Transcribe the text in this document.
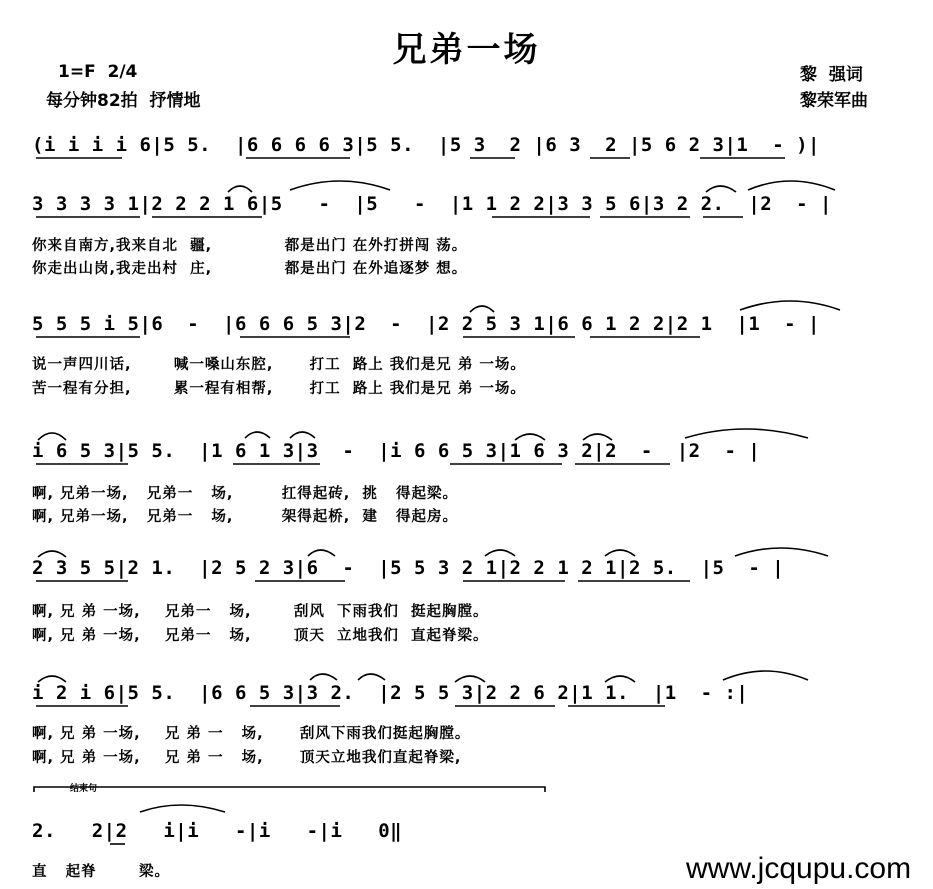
兄弟一场
1=F  2/4
每分钟82拍  抒情地
黎  强词
黎荣军曲
(i i i i 6|5 5.  |6 6 6 6 3|5 5.  |5 3  2 |6 3  2 |5 6 2 3|1  - )|
3 3 3 3 1|2 2 2 1 6|5   -  |5   -  |1 1 2 2|3 3 5 6|3 2 2.  |2  - |
你来自南方,我来自北  疆,            都是出门 在外打拼闯 荡。
你走出山岗,我走出村  庄,            都是出门 在外追逐梦 想。
5 5 5 i 5|6  -  |6 6 6 5 3|2  -  |2 2 5 3 1|6 6 1 2 2|2 1  |1  - |
说一声四川话,       喊一嗓山东腔,      打工  路上 我们是兄 弟 一场。
苦一程有分担,       累一程有相帮,      打工  路上 我们是兄 弟 一场。
i 6 5 3|5 5.  |1 6 1 3|3  -  |i 6 6 5 3|1 6 3 2|2  -  |2  - |
啊, 兄弟一场,   兄弟一   场,        扛得起砖,  挑   得起梁。
啊, 兄弟一场,   兄弟一   场,        架得起桥,  建   得起房。
2 3 5 5|2 1.  |2 5 2 3|6  -  |5 5 3 2 1|2 2 1 2 1|2 5.  |5  - |
啊, 兄 弟 一场,    兄弟一   场,       刮风  下雨我们  挺起胸膛。
啊, 兄 弟 一场,    兄弟一   场,       顶天  立地我们  直起脊梁。
i 2 i 6|5 5.  |6 6 5 3|3 2.  |2 5 5 3|2 2 6 2|1 1.  |1  - :|
啊, 兄 弟 一场,    兄 弟 一   场,      刮风下雨我们挺起胸膛。
啊, 兄 弟 一场,    兄 弟 一   场,      顶天立地我们直起脊梁,
结束句
2.   2|2   i|i   -|i   -|i   0‖
直   起脊       梁。	www.jcqupu.com
